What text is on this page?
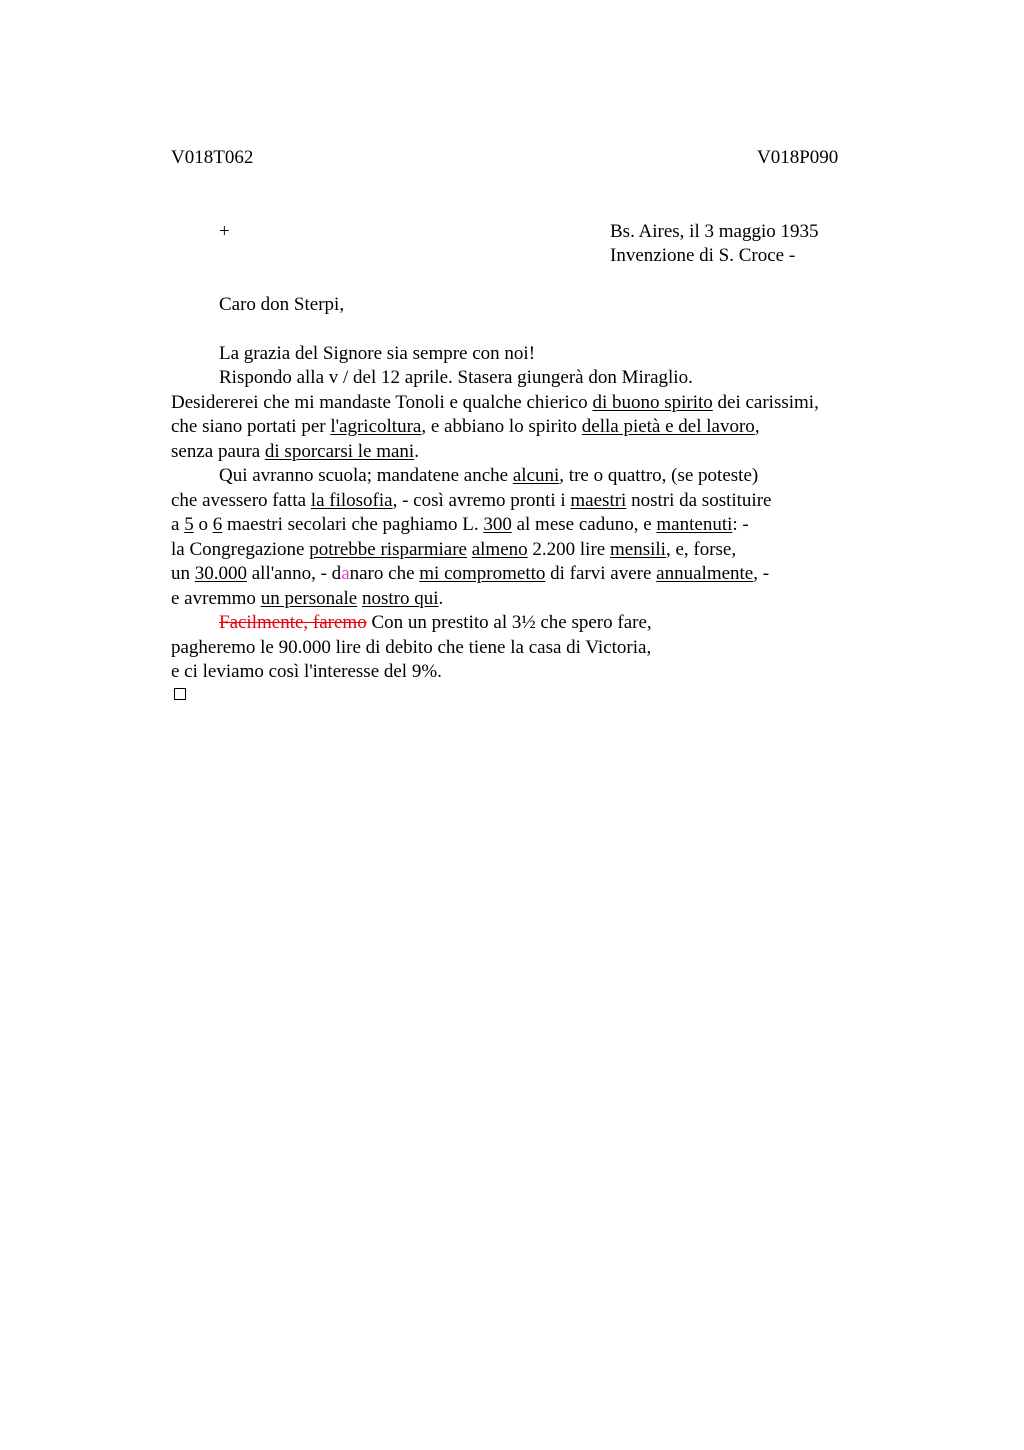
V018T062	V018P090
+	Bs. Aires, il 3 maggio 1935
Invenzione di S. Croce -
Caro don Sterpi,
La grazia del Signore sia sempre con noi!
Rispondo alla v / del 12 aprile. Stasera giungerà don Miraglio.
Desidererei che mi mandaste Tonoli e qualche chierico di buono spirito dei carissimi,
che siano portati per l'agricoltura, e abbiano lo spirito della pietà e del lavoro,
senza paura di sporcarsi le mani.
Qui avranno scuola; mandatene anche alcuni, tre o quattro, (se poteste)
che avessero fatta la filosofia, - così avremo pronti i maestri nostri da sostituire
a 5 o 6 maestri secolari che paghiamo L. 300 al mese caduno, e mantenuti: -
la Congregazione potrebbe risparmiare almeno 2.200 lire mensili, e, forse,
un 30.000 all'anno, - danaro che mi comprometto di farvi avere annualmente, -
e avremmo un personale nostro qui.
Facilmente, faremo Con un prestito al 3½ che spero fare,
pagheremo le 90.000 lire di debito che tiene la casa di Victoria,
e ci leviamo così l'interesse del 9%.
